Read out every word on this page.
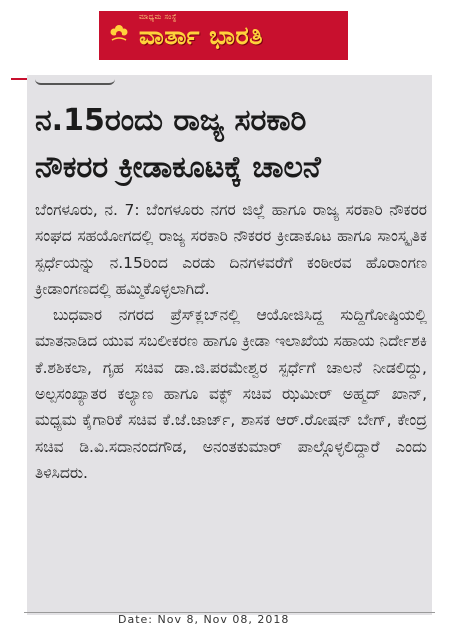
ಮಾಧ್ಯಮ ಸಂಸ್ಥೆ
ವಾರ್ತಾ ಭಾರತಿ
ನ.15ರಂದು ರಾಜ್ಯ ಸರಕಾರಿ
ನೌಕರರ ಕ್ರೀಡಾಕೂಟಕ್ಕೆ ಚಾಲನೆ

ಬೆಂಗಳೂರು, ನ. 7: ಬೆಂಗಳೂರು ನಗರ ಜಿಲ್ಲೆ ಹಾಗೂ ರಾಜ್ಯ ಸರಕಾರಿ ನೌಕರರ ಸಂಘದ ಸಹಯೋಗದಲ್ಲಿ ರಾಜ್ಯ ಸರಕಾರಿ ನೌಕರರ ಕ್ರೀಡಾಕೂಟ ಹಾಗೂ ಸಾಂಸ್ಕೃತಿಕ ಸ್ಪರ್ಧೆಯನ್ನು ನ.15ರಿಂದ ಎರಡು ದಿನಗಳವರೆಗೆ ಕಂಠೀರವ ಹೊರಾಂಗಣ ಕ್ರೀಡಾಂಗಣದಲ್ಲಿ ಹಮ್ಮಿಕೊಳ್ಳಲಾಗಿದೆ.

ಬುಧವಾರ ನಗರದ ಪ್ರೆಸ್‌ಕ್ಲಬ್‌ನಲ್ಲಿ ಆಯೋಜಿಸಿದ್ದ ಸುದ್ದಿಗೋಷ್ಠಿಯಲ್ಲಿ ಮಾತನಾಡಿದ ಯುವ ಸಬಲೀಕರಣ ಹಾಗೂ ಕ್ರೀಡಾ ಇಲಾಖೆಯ ಸಹಾಯ ನಿರ್ದೇಶಕಿ ಕೆ.ಶಶಿಕಲಾ, ಗೃಹ ಸಚಿವ ಡಾ.ಜಿ.ಪರಮೇಶ್ವರ ಸ್ಪರ್ಧೆಗೆ ಚಾಲನೆ ನೀಡಲಿದ್ದು, ಅಲ್ಪಸಂಖ್ಯಾತರ ಕಲ್ಯಾಣ ಹಾಗೂ ವಕ್ಫ್ ಸಚಿವ ಝಮೀರ್ ಅಹ್ಮದ್ ಖಾನ್, ಮಧ್ಯಮ ಕೈಗಾರಿಕೆ ಸಚಿವ ಕೆ.ಜೆ.ಜಾರ್ಜ್, ಶಾಸಕ ಆರ್.ರೋಷನ್ ಬೇಗ್, ಕೇಂದ್ರ ಸಚಿವ ಡಿ.ವಿ.ಸದಾನಂದಗೌಡ, ಅನಂತಕುಮಾರ್ ಪಾಲ್ಗೊಳ್ಳಲಿದ್ದಾರೆ ಎಂದು ತಿಳಿಸಿದರು.

Date: Nov 8, Nov 08, 2018
